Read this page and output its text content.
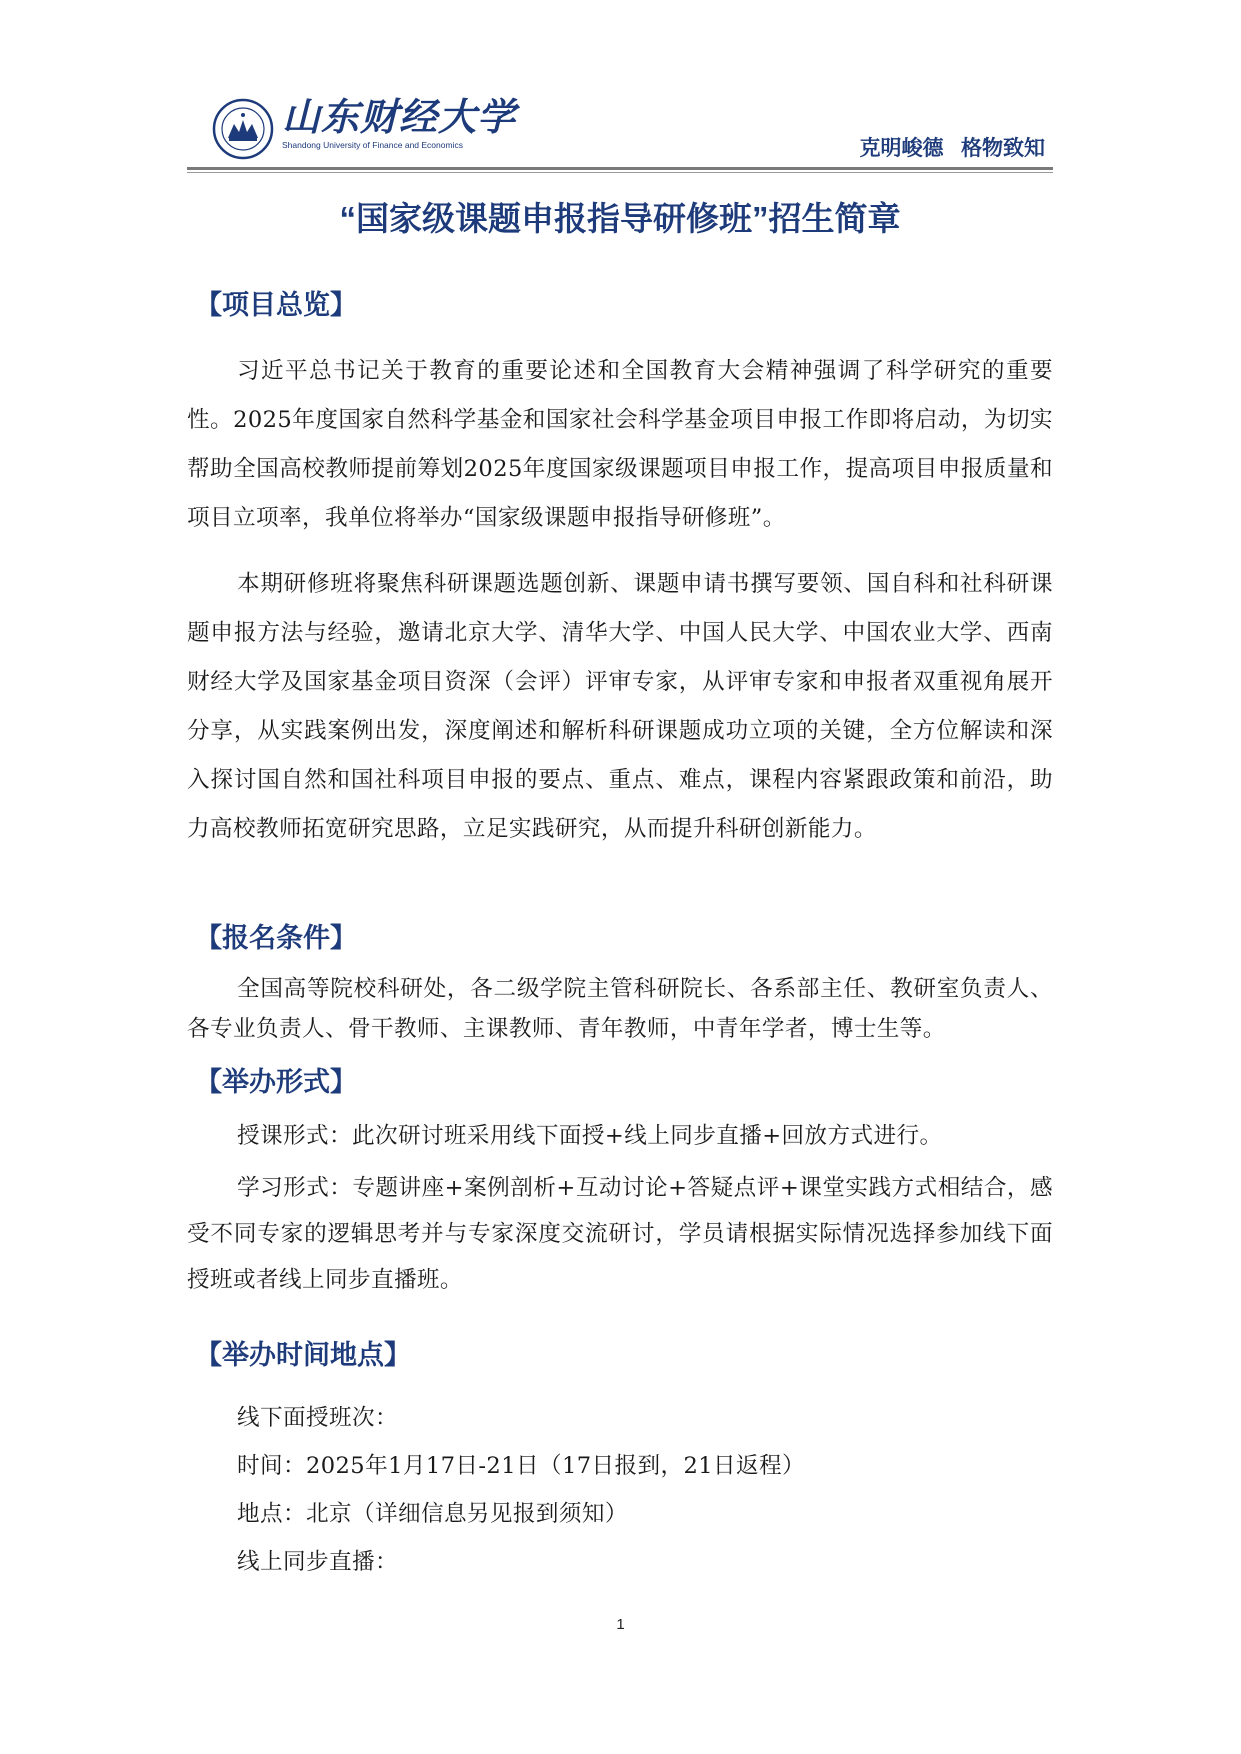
山东财经大学
Shandong University of Finance and Economics	克明峻德   格物致知
“国家级课题申报指导研修班”招生简章
【项目总览】
习近平总书记关于教育的重要论述和全国教育大会精神强调了科学研究的重要性。2025年度国家自然科学基金和国家社会科学基金项目申报工作即将启动，为切实帮助全国高校教师提前筹划2025年度国家级课题项目申报工作，提高项目申报质量和项目立项率，我单位将举办“国家级课题申报指导研修班”。
本期研修班将聚焦科研课题选题创新、课题申请书撰写要领、国自科和社科研课题申报方法与经验，邀请北京大学、清华大学、中国人民大学、中国农业大学、西南财经大学及国家基金项目资深（会评）评审专家，从评审专家和申报者双重视角展开分享，从实践案例出发，深度阐述和解析科研课题成功立项的关键，全方位解读和深入探讨国自然和国社科项目申报的要点、重点、难点，课程内容紧跟政策和前沿，助力高校教师拓宽研究思路，立足实践研究，从而提升科研创新能力。
【报名条件】
全国高等院校科研处，各二级学院主管科研院长、各系部主任、教研室负责人、各专业负责人、骨干教师、主课教师、青年教师，中青年学者，博士生等。
【举办形式】
授课形式：此次研讨班采用线下面授+线上同步直播+回放方式进行。
学习形式：专题讲座+案例剖析+互动讨论+答疑点评+课堂实践方式相结合，感受不同专家的逻辑思考并与专家深度交流研讨，学员请根据实际情况选择参加线下面授班或者线上同步直播班。
【举办时间地点】
线下面授班次：
时间：2025年1月17日-21日（17日报到，21日返程）
地点：北京（详细信息另见报到须知）
线上同步直播：
1
